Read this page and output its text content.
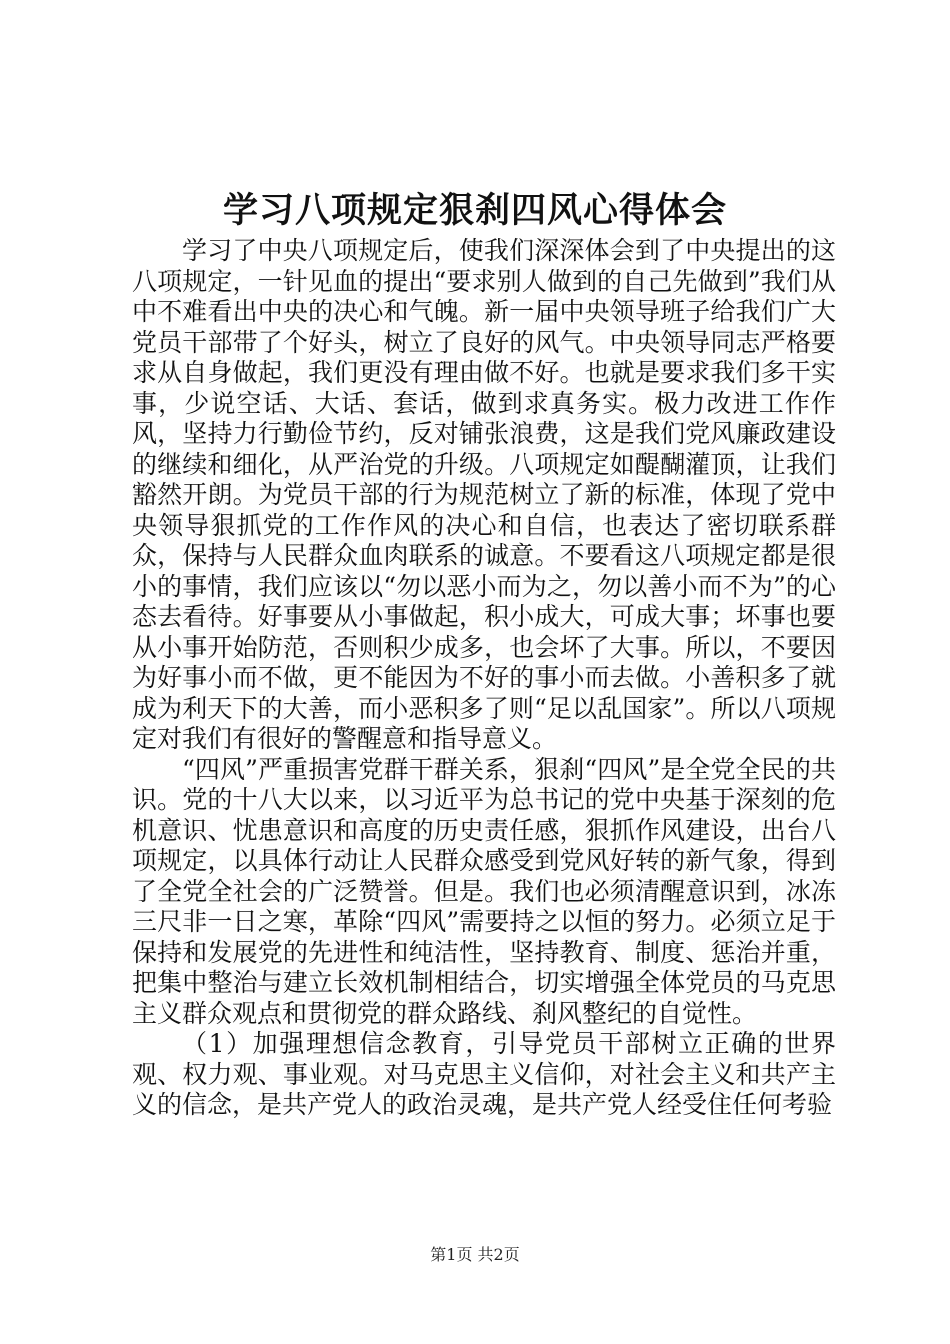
学习八项规定狠刹四风心得体会

学习了中央八项规定后，使我们深深体会到了中央提出的这八项规定，一针见血的提出“要求别人做到的自己先做到”我们从中不难看出中央的决心和气魄。新一届中央领导班子给我们广大党员干部带了个好头，树立了良好的风气。中央领导同志严格要求从自身做起，我们更没有理由做不好。也就是要求我们多干实事，少说空话、大话、套话，做到求真务实。极力改进工作作风，坚持力行勤俭节约，反对铺张浪费，这是我们党风廉政建设的继续和细化，从严治党的升级。八项规定如醍醐灌顶，让我们豁然开朗。为党员干部的行为规范树立了新的标准，体现了党中央领导狠抓党的工作作风的决心和自信，也表达了密切联系群众，保持与人民群众血肉联系的诚意。不要看这八项规定都是很小的事情，我们应该以“勿以恶小而为之，勿以善小而不为”的心态去看待。好事要从小事做起，积小成大，可成大事；坏事也要从小事开始防范，否则积少成多，也会坏了大事。所以，不要因为好事小而不做，更不能因为不好的事小而去做。小善积多了就成为利天下的大善，而小恶积多了则“足以乱国家”。所以八项规定对我们有很好的警醒意和指导意义。

“四风”严重损害党群干群关系，狠刹“四风”是全党全民的共识。党的十八大以来，以习近平为总书记的党中央基于深刻的危机意识、忧患意识和高度的历史责任感，狠抓作风建设，出台八项规定，以具体行动让人民群众感受到党风好转的新气象，得到了全党全社会的广泛赞誉。但是。我们也必须清醒意识到，冰冻三尺非一日之寒，革除“四风”需要持之以恒的努力。必须立足于保持和发展党的先进性和纯洁性，坚持教育、制度、惩治并重，把集中整治与建立长效机制相结合，切实增强全体党员的马克思主义群众观点和贯彻党的群众路线、刹风整纪的自觉性。

（1）加强理想信念教育，引导党员干部树立正确的世界观、权力观、事业观。对马克思主义信仰，对社会主义和共产主义的信念，是共产党人的政治灵魂，是共产党人经受住任何考验

第1页 共2页
